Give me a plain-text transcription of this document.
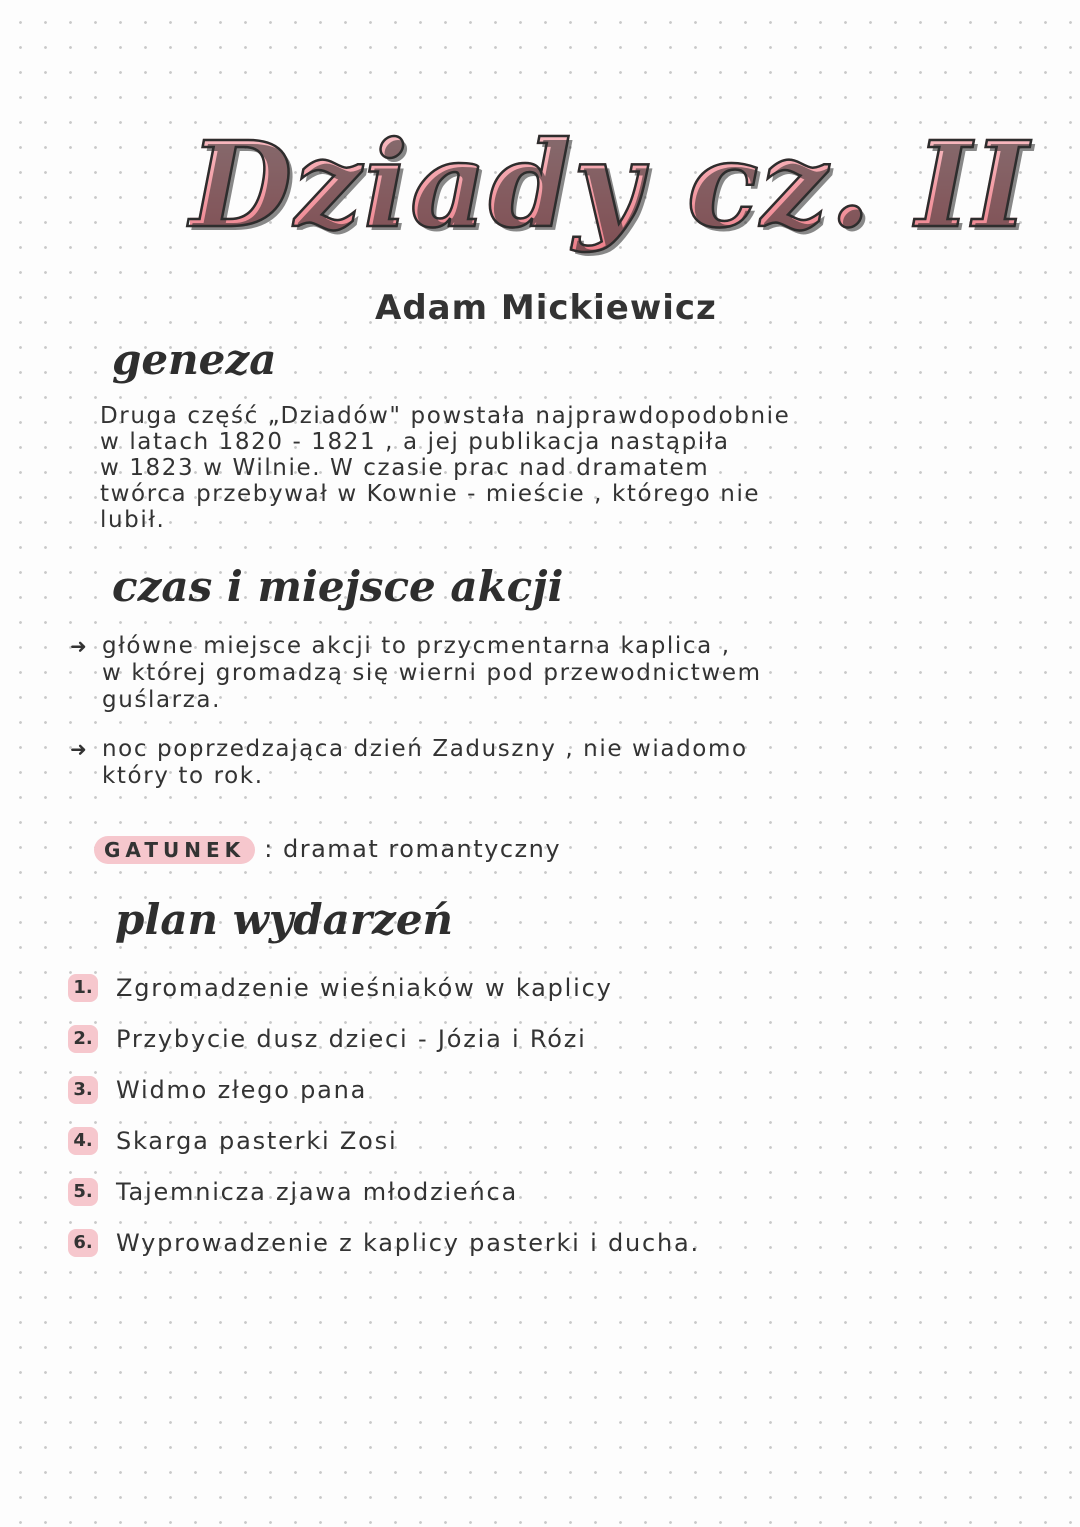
Dziady cz. II
Adam Mickiewicz
geneza
Druga część „Dziadów" powstała najprawdopodobnie
w latach 1820 - 1821 , a jej publikacja nastąpiła
w 1823 w Wilnie. W czasie prac nad dramatem
twórca przebywał w Kownie - mieście , którego nie
lubił.
czas i miejsce akcji
➜ główne miejsce akcji to przycmentarna kaplica ,
w której gromadzą się wierni pod przewodnictwem
guślarza.
➜ noc poprzedzająca dzień Zaduszny , nie wiadomo
który to rok.
GATUNEK : dramat romantyczny
plan wydarzeń
1. Zgromadzenie wieśniaków w kaplicy
2. Przybycie dusz dzieci - Józia i Rózi
3. Widmo złego pana
4. Skarga pasterki Zosi
5. Tajemnicza zjawa młodzieńca
6. Wyprowadzenie z kaplicy pasterki i ducha.
